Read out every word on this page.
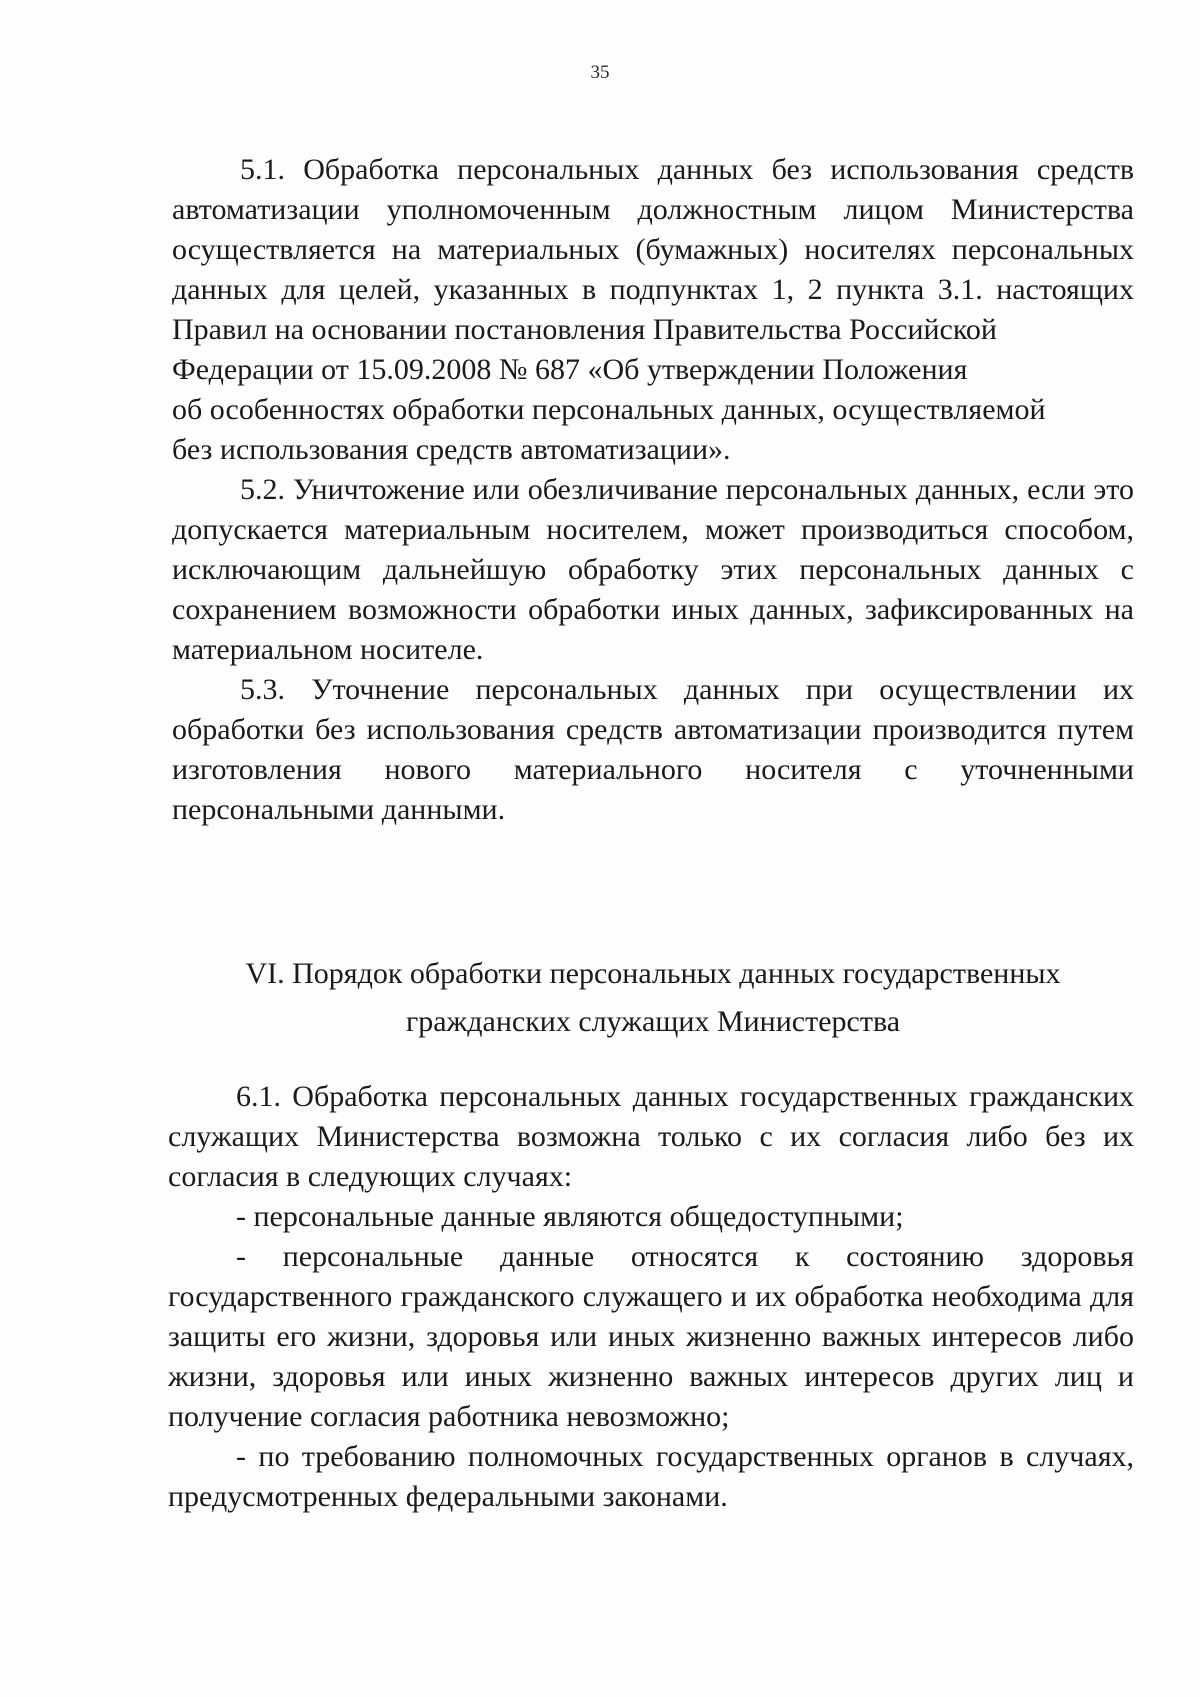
35

5.1. Обработка персональных данных без использования средств автоматизации уполномоченным должностным лицом Министерства осуществляется на материальных (бумажных) носителях персональных данных для целей, указанных в подпунктах 1, 2 пункта 3.1. настоящих Правил на основании постановления Правительства Российской
Федерации от 15.09.2008 № 687 «Об утверждении Положения
об особенностях обработки персональных данных, осуществляемой
без использования средств автоматизации».

5.2. Уничтожение или обезличивание персональных данных, если это допускается материальным носителем, может производиться способом, исключающим дальнейшую обработку этих персональных данных с сохранением возможности обработки иных данных, зафиксированных на материальном носителе.

5.3. Уточнение персональных данных при осуществлении их обработки без использования средств автоматизации производится путем изготовления нового материального носителя с уточненными персональными данными.

VI. Порядок обработки персональных данных государственных
гражданских служащих Министерства

6.1. Обработка персональных данных государственных гражданских служащих Министерства возможна только с их согласия либо без их согласия в следующих случаях:

- персональные данные являются общедоступными;

- персональные данные относятся к состоянию здоровья государственного гражданского служащего и их обработка необходима для защиты его жизни, здоровья или иных жизненно важных интересов либо жизни, здоровья или иных жизненно важных интересов других лиц и получение согласия работника невозможно;

- по требованию полномочных государственных органов в случаях, предусмотренных федеральными законами.
